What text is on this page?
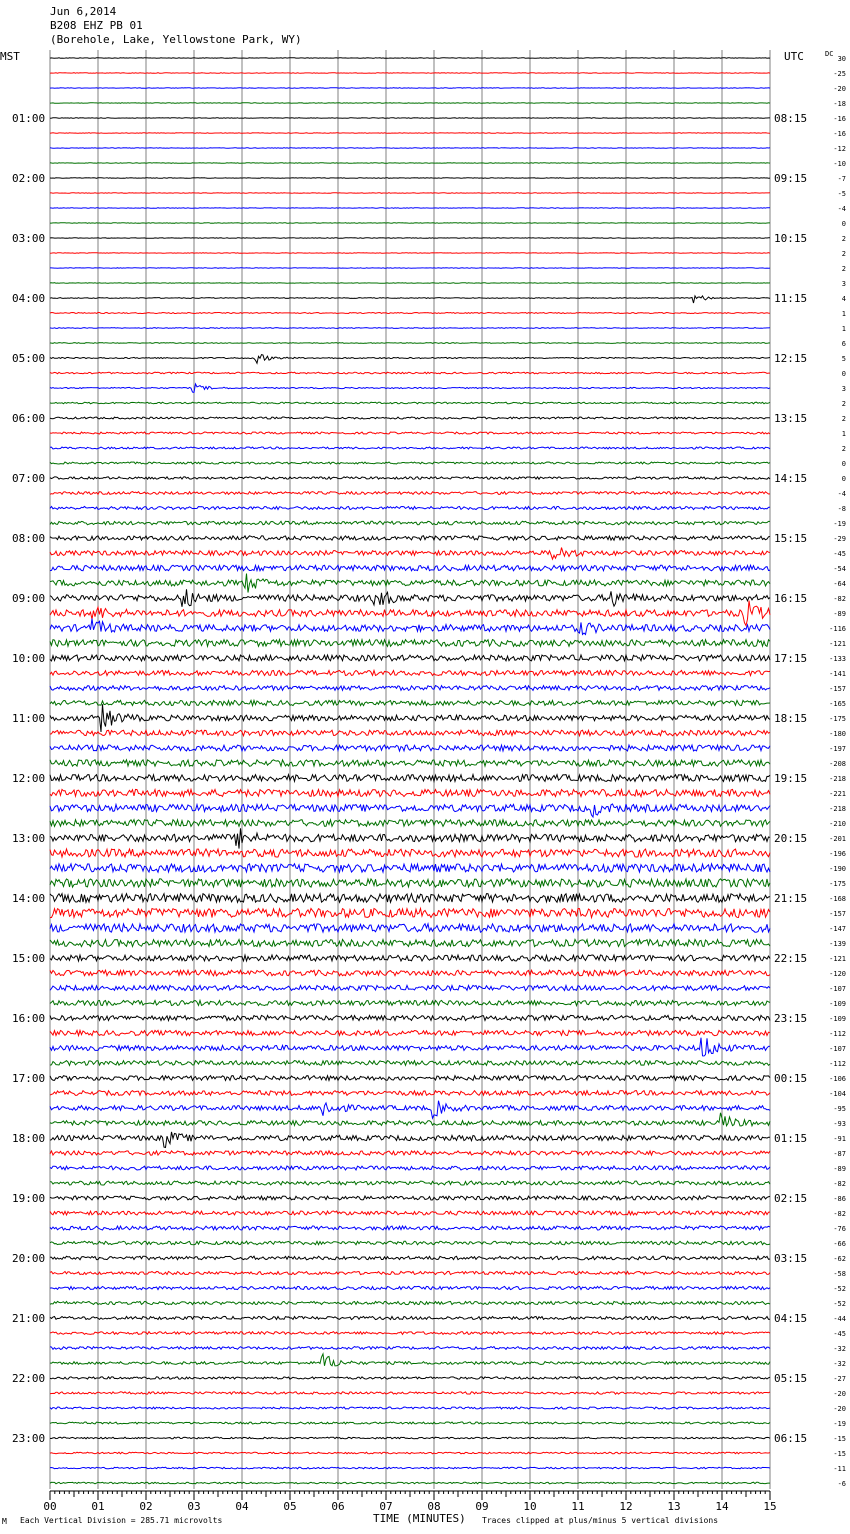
Jun 6,2014
B208 EHZ PB 01
(Borehole, Lake, Yellowstone Park, WY)
MST	UTC	DC
01:00
02:00
03:00
04:00
05:00
06:00
07:00
08:00
09:00
10:00
11:00
12:00
13:00
14:00
15:00
16:00
17:00
18:00
19:00
20:00
21:00
22:00
23:00
08:15
09:15
10:15
11:15
12:15
13:15
14:15
15:15
16:15
17:15
18:15
19:15
20:15
21:15
22:15
23:15
00:15
01:15
02:15
03:15
04:15
05:15
06:15
30
-25
-20
-18
-16
-16
-12
-10
-7
-5
-4
0
2
2
2
3
4
1
1
6
5
0
3
2
2
1
2
0
0
-4
-8
-19
-29
-45
-54
-64
-82
-89
-116
-121
-133
-141
-157
-165
-175
-180
-197
-208
-218
-221
-218
-210
-201
-196
-190
-175
-168
-157
-147
-139
-121
-120
-107
-109
-109
-112
-107
-112
-106
-104
-95
-93
-91
-87
-89
-82
-86
-82
-76
-66
-62
-58
-52
-52
-44
-45
-32
-32
-27
-20
-20
-19
-15
-15
-11
-6
00	01	02	03	04	05	06	07	08	09	10	11	12	13	14	15
M Each Vertical Division = 285.71 microvolts	TIME (MINUTES) Traces clipped at plus/minus 5 vertical divisions
